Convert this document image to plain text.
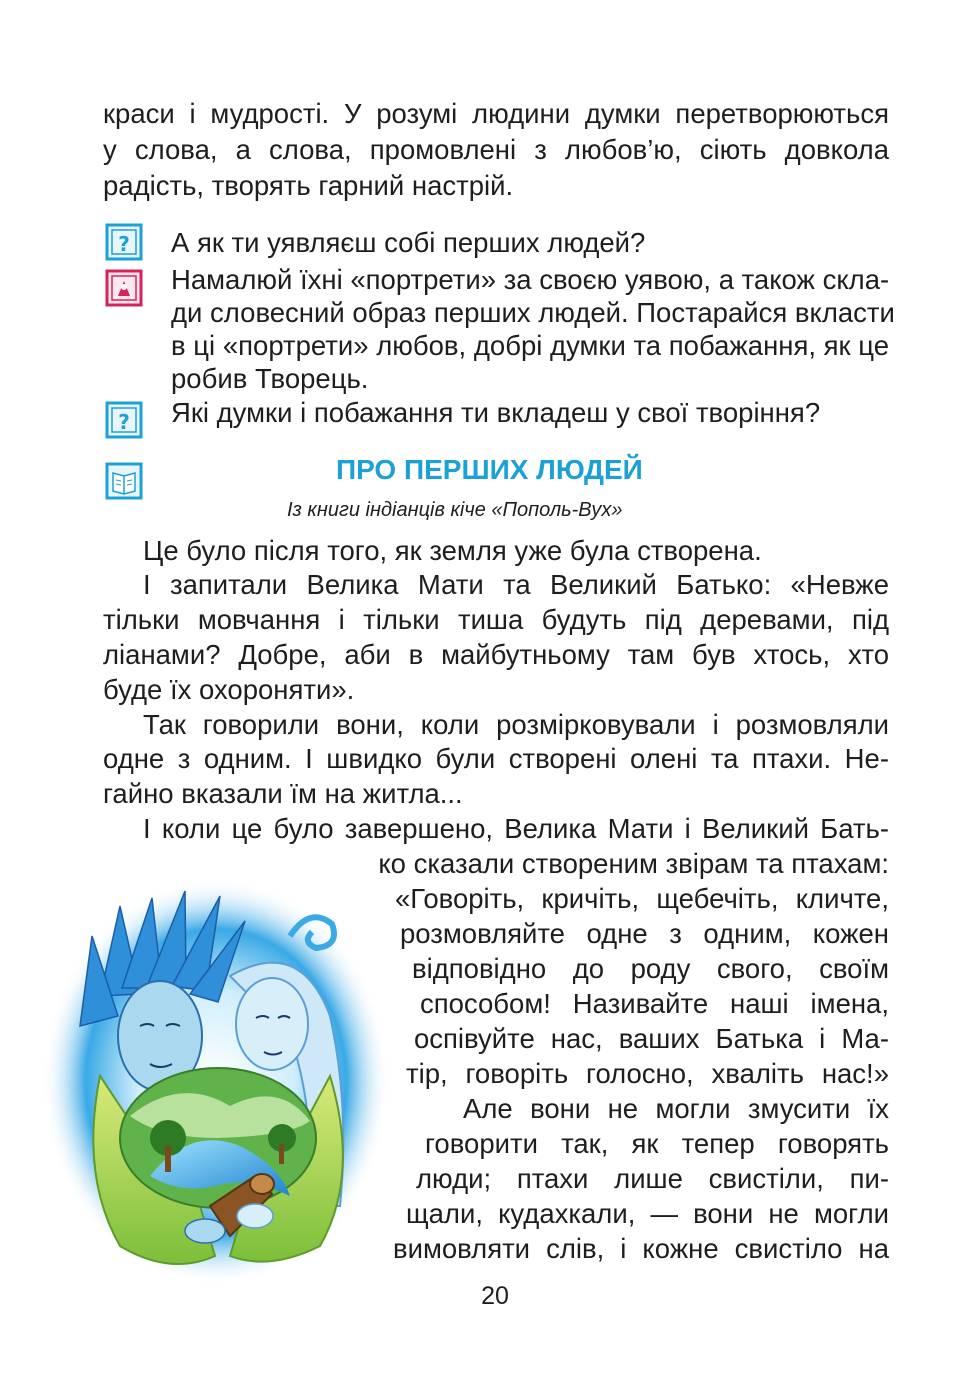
краси і мудрості. У розумі людини думки перетворюються
у слова, а слова, промовлені з любов’ю, сіють довкола
радість, творять гарний настрій.
? А як ти уявляєш собі перших людей?
Намалюй їхні «портрети» за своєю уявою, а також скла-
ди словесний образ перших людей. Постарайся вкласти
в ці «портрети» любов, добрі думки та побажання, як це
робив Творець.
? Які думки і побажання ти вкладеш у свої творіння?
ПРО ПЕРШИХ ЛЮДЕЙ
Із книги індіанців кіче «Пополь-Вух»
Це було після того, як земля уже була створена.
І запитали Велика Мати та Великий Батько: «Невже
тільки мовчання і тільки тиша будуть під деревами, під
ліанами? Добре, аби в майбутньому там був хтось, хто
буде їх охороняти».
Так говорили вони, коли розмірковували і розмовляли
одне з одним. І швидко були створені олені та птахи. Не-
гайно вказали їм на житла...
І коли це було завершено, Велика Мати і Великий Бать-
ко сказали створеним звірам та птахам:
«Говоріть, кричіть, щебечіть, кличте,
розмовляйте одне з одним, кожен
відповідно до роду свого, своїм
способом! Називайте наші імена,
оспівуйте нас, ваших Батька і Ма-
тір, говоріть голосно, хваліть нас!»
Але вони не могли змусити їх
говорити так, як тепер говорять
люди; птахи лише свистіли, пи-
щали, кудахкали, — вони не могли
вимовляти слів, і кожне свистіло на
20
